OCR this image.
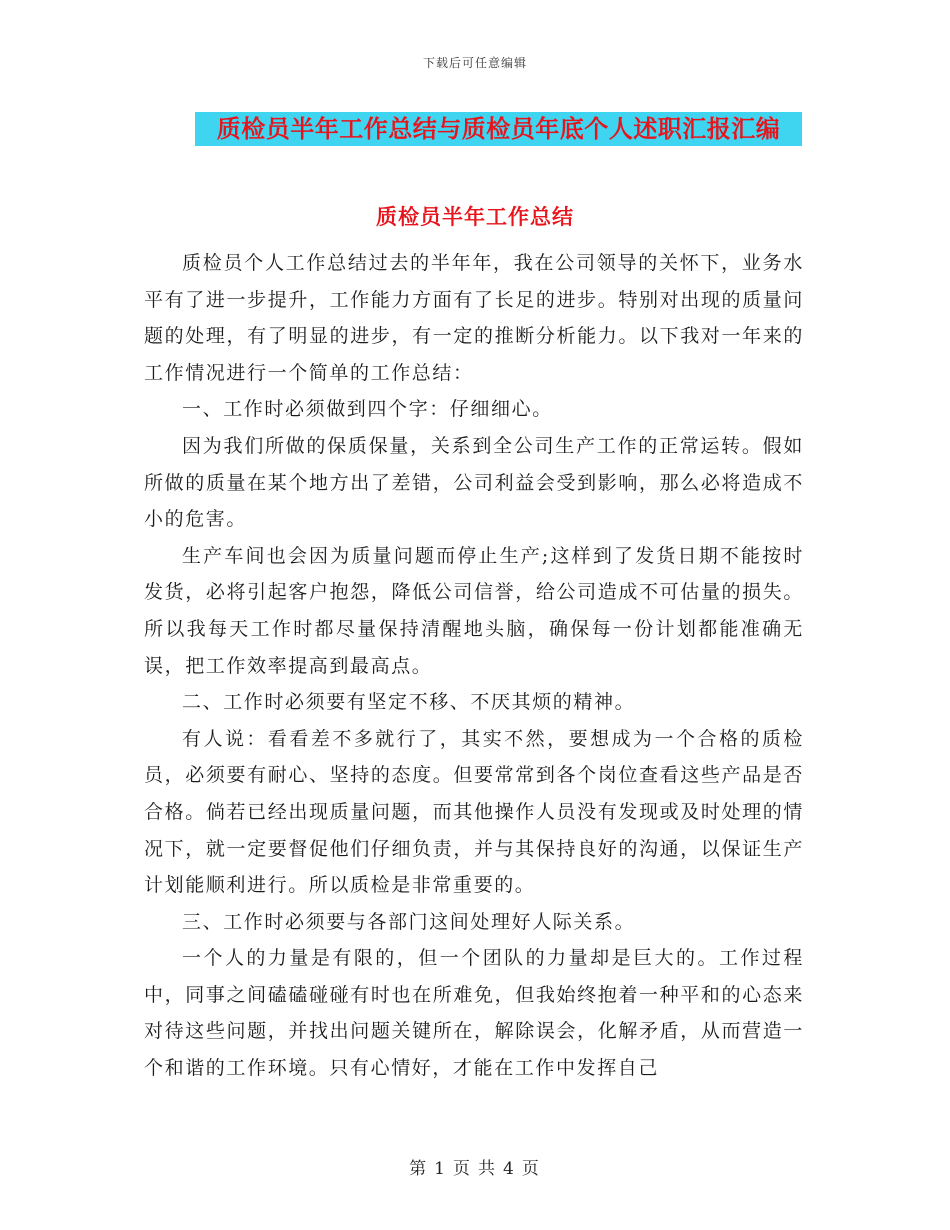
下载后可任意编辑
质检员半年工作总结与质检员年底个人述职汇报汇编
质检员半年工作总结

质检员个人工作总结过去的半年年，我在公司领导的关怀下，业务水平有了进一步提升，工作能力方面有了长足的进步。特别对出现的质量问题的处理，有了明显的进步，有一定的推断分析能力。以下我对一年来的工作情况进行一个简单的工作总结：

一、工作时必须做到四个字：仔细细心。

因为我们所做的保质保量，关系到全公司生产工作的正常运转。假如所做的质量在某个地方出了差错，公司利益会受到影响，那么必将造成不小的危害。

生产车间也会因为质量问题而停止生产;这样到了发货日期不能按时发货，必将引起客户抱怨，降低公司信誉，给公司造成不可估量的损失。所以我每天工作时都尽量保持清醒地头脑，确保每一份计划都能准确无误，把工作效率提高到最高点。

二、工作时必须要有坚定不移、不厌其烦的精神。

有人说：看看差不多就行了，其实不然，要想成为一个合格的质检员，必须要有耐心、坚持的态度。但要常常到各个岗位查看这些产品是否合格。倘若已经出现质量问题，而其他操作人员没有发现或及时处理的情况下，就一定要督促他们仔细负责，并与其保持良好的沟通，以保证生产计划能顺利进行。所以质检是非常重要的。

三、工作时必须要与各部门这间处理好人际关系。

一个人的力量是有限的，但一个团队的力量却是巨大的。工作过程中，同事之间磕磕碰碰有时也在所难免，但我始终抱着一种平和的心态来对待这些问题，并找出问题关键所在，解除误会，化解矛盾，从而营造一个和谐的工作环境。只有心情好，才能在工作中发挥自己

第 1 页 共 4 页
